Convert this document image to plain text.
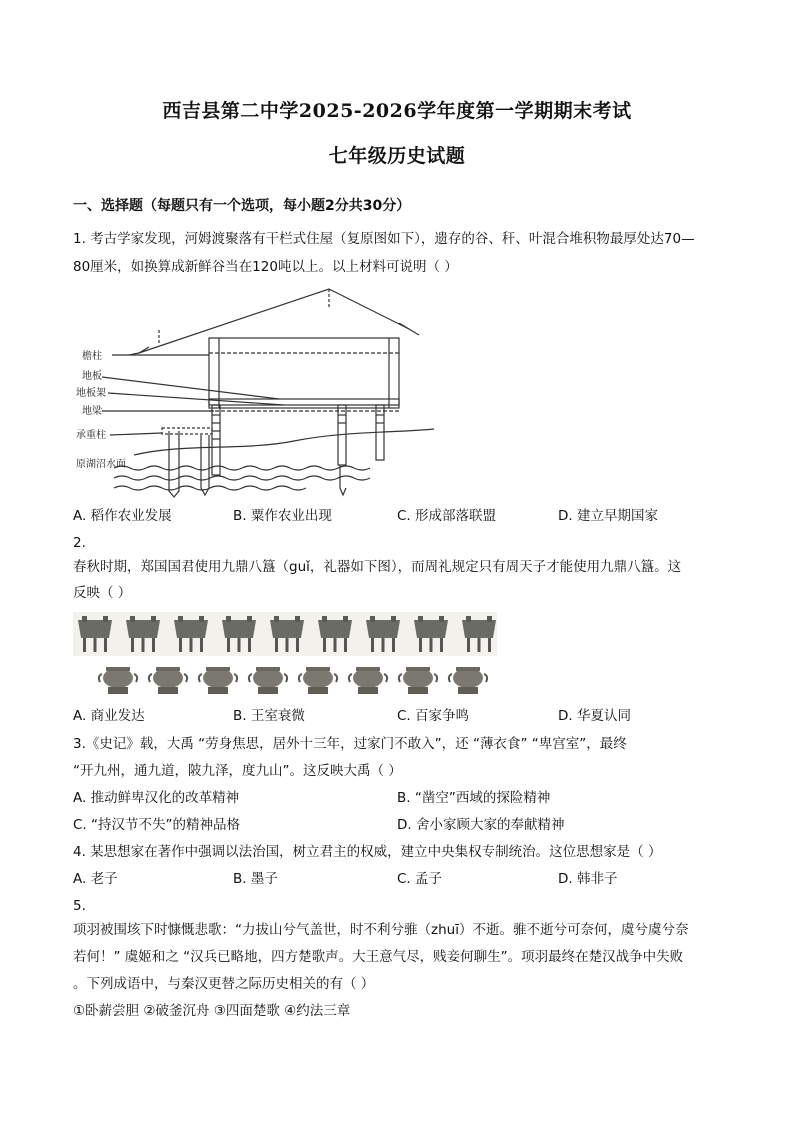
西吉县第二中学2025-2026学年度第一学期期末考试
七年级历史试题
一、选择题（每题只有一个选项，每小题2分共30分）
1. 考古学家发现，河姆渡聚落有干栏式住屋（复原图如下），遗存的谷、秆、叶混合堆积物最厚处达70—
80厘米，如换算成新鲜谷当在120吨以上。以上材料可说明（ ）
檐柱
地板
地板架
地梁
承重柱
原湖沼水面
A. 稻作农业发展	B. 粟作农业出现	C. 形成部落联盟	D. 建立早期国家
2.
春秋时期，郑国国君使用九鼎八簋（guǐ，礼器如下图），而周礼规定只有周天子才能使用九鼎八簋。这
反映（ ）
A. 商业发达	B. 王室衰微	C. 百家争鸣	D. 华夏认同
3.《史记》载，大禹 “劳身焦思，居外十三年，过家门不敢入”，还 “薄衣食” “卑宫室”，最终
“开九州，通九道，陂九泽，度九山”。这反映大禹（ ）
A. 推动鲜卑汉化的改革精神	B. “凿空”西域的探险精神
C. “持汉节不失”的精神品格	D. 舍小家顾大家的奉献精神
4. 某思想家在著作中强调以法治国，树立君主的权威，建立中央集权专制统治。这位思想家是（ ）
A. 老子	B. 墨子	C. 孟子	D. 韩非子
5.
项羽被围垓下时慷慨悲歌：“力拔山兮气盖世，时不利兮骓（zhuī）不逝。骓不逝兮可奈何，虞兮虞兮奈
若何！” 虞姬和之 “汉兵已略地，四方楚歌声。大王意气尽，贱妾何聊生”。项羽最终在楚汉战争中失败
。下列成语中，与秦汉更替之际历史相关的有（ ）
①卧薪尝胆 ②破釜沉舟 ③四面楚歌 ④约法三章
